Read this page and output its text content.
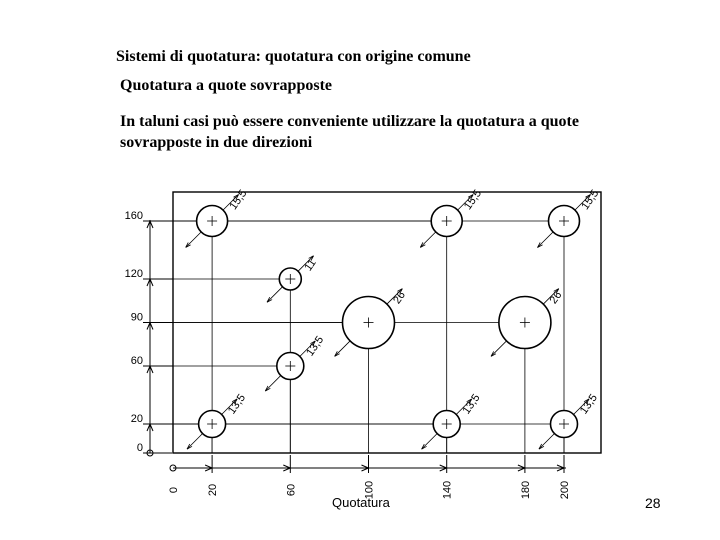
Sistemi di quotatura: quotatura con origine comune
Quotatura a quote sovrapposte
In taluni casi può essere conveniente utilizzare la quotatura a quote sovrapposte in due direzioni
0
20
60
90
120
160
0 20	60	100	140	180 200
15,5
11
13,5
13,5
26
15,5
13,5
26
15,5
13,5
Quotatura	28
